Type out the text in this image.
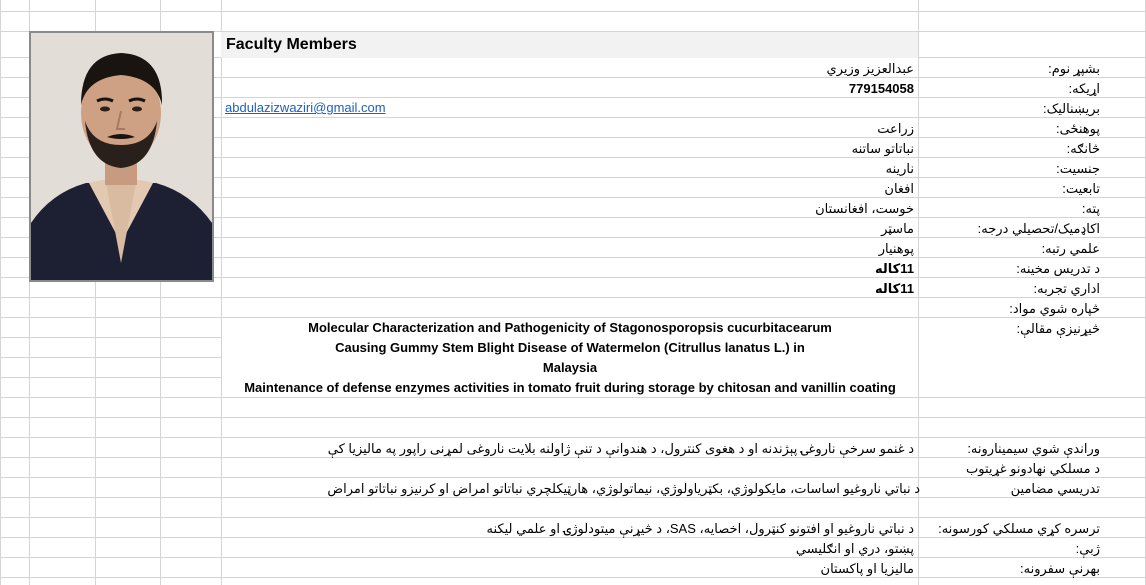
Faculty Members
بشپړ نوم:
اړيکه:
بريښناليک:
پوهنځی:
څانګه:
جنسيت:
تابعيت:
پته:
اکاډميک/تحصيلي درجه:
علمي رتبه:
د تدريس مخينه:
اداري تجربه:
څپاره شوي مواد:
څيړنيزې مقالې:
عبدالعزيز وزيري
779154058
abdulazizwaziri@gmail.com
زراعت
نباتاتو ساتنه
نارينه
افغان
خوست، افغانستان
ماسټر
پوهنيار
11کاله
11کاله
Molecular Characterization and Pathogenicity of Stagonosporopsis cucurbitacearum
Causing Gummy Stem Blight Disease of Watermelon (Citrullus lanatus L.) in
Malaysia
Maintenance of defense enzymes activities in tomato fruit during storage by chitosan and vanillin coating
وراندې شوي سيمينارونه:
د غنمو سرخې ناروغۍ پېژندنه او د هغوی کنترول، د هندوانې د تنې ژاولنه بلایت ناروغی لمړنی راپور په ماليزيا کې
د مسلکي نهادونو غړيتوب
تدريسي مضامين
د نباتي ناروغيو اساسات، مايکولوژي، بکټرياولوژي، نيماتولوژي، هارټيکلچري نباتاتو امراض او کرنيزو نباتاتو امراض
ترسره کړي مسلکي کورسونه:
د نباتي ناروغيو او افتونو کنټرول، اخصايه، SAS، د څيړنې ميتودلوژۍ او علمي ليکنه
ژبې:
پښتو، دري او انګليسي
بهرنې سفرونه:
ماليزيا او پاکستان
